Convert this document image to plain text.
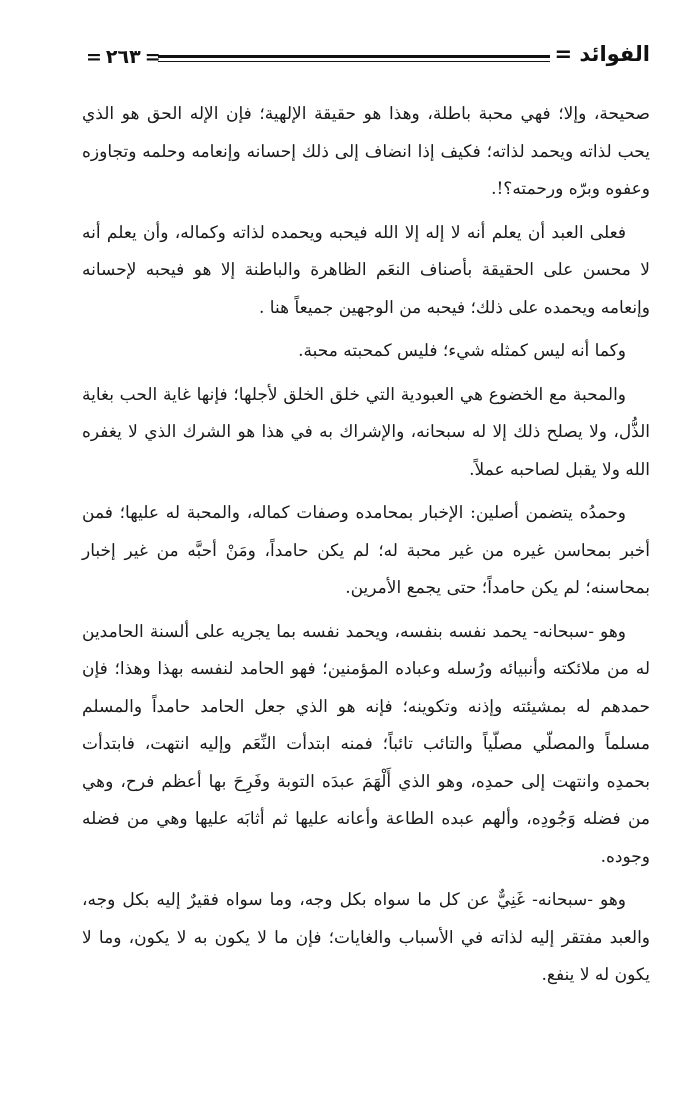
= ٢٦٣ =	الفوائد =

صحيحة، وإلا؛ فهي محبة باطلة، وهذا هو حقيقة الإلهية؛ فإن الإله الحق هو الذي يحب لذاته ويحمد لذاته؛ فكيف إذا انضاف إلى ذلك إحسانه وإنعامه وحلمه وتجاوزه وعفوه وبرّه ورحمته؟!.

فعلى العبد أن يعلم أنه لا إله إلا الله فيحبه ويحمده لذاته وكماله، وأن يعلم أنه لا محسن على الحقيقة بأصناف النعَم الظاهرة والباطنة إلا هو فيحبه لإحسانه وإنعامه ويحمده على ذلك؛ فيحبه من الوجهين جميعاً هنا .

وكما أنه ليس كمثله شيء؛ فليس كمحبته محبة.

والمحبة مع الخضوع هي العبودية التي خلق الخلق لأجلها؛ فإنها غاية الحب بغاية الذُّل، ولا يصلح ذلك إلا له سبحانه، والإشراك به في هذا هو الشرك الذي لا يغفره الله ولا يقبل لصاحبه عملاً.

وحمدُه يتضمن أصلين: الإخبار بمحامده وصفات كماله، والمحبة له عليها؛ فمن أخبر بمحاسن غيره من غير محبة له؛ لم يكن حامداً، ومَنْ أحبَّه من غير إخبار بمحاسنه؛ لم يكن حامداً؛ حتى يجمع الأمرين.

وهو -سبحانه- يحمد نفسه بنفسه، ويحمد نفسه بما يجريه على ألسنة الحامدين له من ملائكته وأنبيائه ورُسله وعباده المؤمنين؛ فهو الحامد لنفسه بهذا وهذا؛ فإن حمدهم له بمشيئته وإذنه وتكوينه؛ فإنه هو الذي جعل الحامد حامداً والمسلم مسلماً والمصلّي مصلّياً والتائب تائباً؛ فمنه ابتدأت النِّعَم وإليه انتهت، فابتدأت بحمدِه وانتهت إلى حمدِه، وهو الذي أَلْهَمَ عبدَه التوبة وفَرِحَ بها أعظم فرح، وهي من فضله وَجُودِه، وألهم عبده الطاعة وأعانه عليها ثم أثابَه عليها وهي من فضله وجوده.

وهو -سبحانه- غَنِيٌّ عن كل ما سواه بكل وجه، وما سواه فقيرٌ إليه بكل وجه، والعبد مفتقر إليه لذاته في الأسباب والغايات؛ فإن ما لا يكون به لا يكون، وما لا يكون له لا ينفع.
